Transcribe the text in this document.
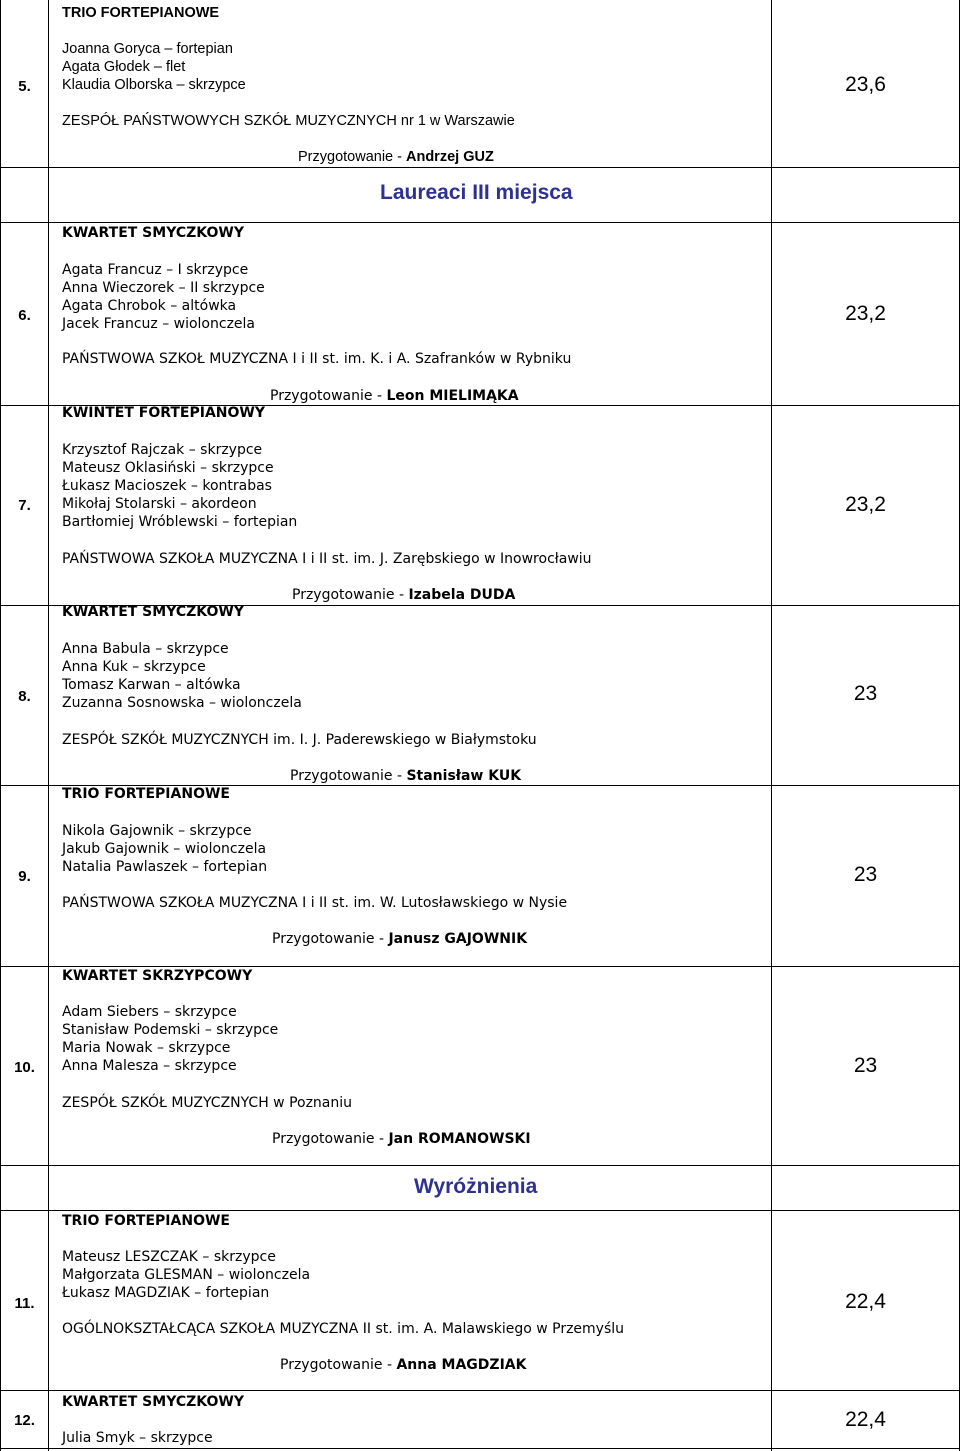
Laureaci III miejsca
Wyróżnienia
5.
TRIO FORTEPIANOWE
Joanna Goryca – fortepian
Agata Głodek – flet
Klaudia Olborska – skrzypce
ZESPÓŁ PAŃSTWOWYCH SZKÓŁ MUZYCZNYCH nr 1 w Warszawie
Przygotowanie - Andrzej GUZ
23,6
6.
KWARTET SMYCZKOWY
Agata Francuz – I skrzypce
Anna Wieczorek – II skrzypce
Agata Chrobok – altówka
Jacek Francuz – wiolonczela
PAŃSTWOWA SZKOŁ MUZYCZNA I i II st. im. K. i A. Szafranków w Rybniku
Przygotowanie - Leon MIELIMĄKA
23,2
7.
KWINTET FORTEPIANOWY
Krzysztof Rajczak – skrzypce
Mateusz Oklasiński – skrzypce
Łukasz Macioszek – kontrabas
Mikołaj Stolarski – akordeon
Bartłomiej Wróblewski – fortepian
PAŃSTWOWA SZKOŁA MUZYCZNA I i II st. im. J. Zarębskiego w Inowrocławiu
Przygotowanie - Izabela DUDA
23,2
8.
KWARTET SMYCZKOWY
Anna Babula – skrzypce
Anna Kuk – skrzypce
Tomasz Karwan – altówka
Zuzanna Sosnowska – wiolonczela
ZESPÓŁ SZKÓŁ MUZYCZNYCH im. I. J. Paderewskiego w Białymstoku
Przygotowanie - Stanisław KUK
23
9.
TRIO FORTEPIANOWE
Nikola Gajownik – skrzypce
Jakub Gajownik – wiolonczela
Natalia Pawlaszek – fortepian
PAŃSTWOWA SZKOŁA MUZYCZNA I i II st. im. W. Lutosławskiego w Nysie
Przygotowanie - Janusz GAJOWNIK
23
10.
KWARTET SKRZYPCOWY
Adam Siebers – skrzypce
Stanisław Podemski – skrzypce
Maria Nowak – skrzypce
Anna Malesza – skrzypce
ZESPÓŁ SZKÓŁ MUZYCZNYCH w Poznaniu
Przygotowanie - Jan ROMANOWSKI
23
11.
TRIO FORTEPIANOWE
Mateusz LESZCZAK – skrzypce
Małgorzata GLESMAN – wiolonczela
Łukasz MAGDZIAK – fortepian
OGÓLNOKSZTAŁCĄCA SZKOŁA MUZYCZNA II st. im. A. Malawskiego w Przemyślu
Przygotowanie - Anna MAGDZIAK
22,4
12.
KWARTET SMYCZKOWY
Julia Smyk – skrzypce
22,4
